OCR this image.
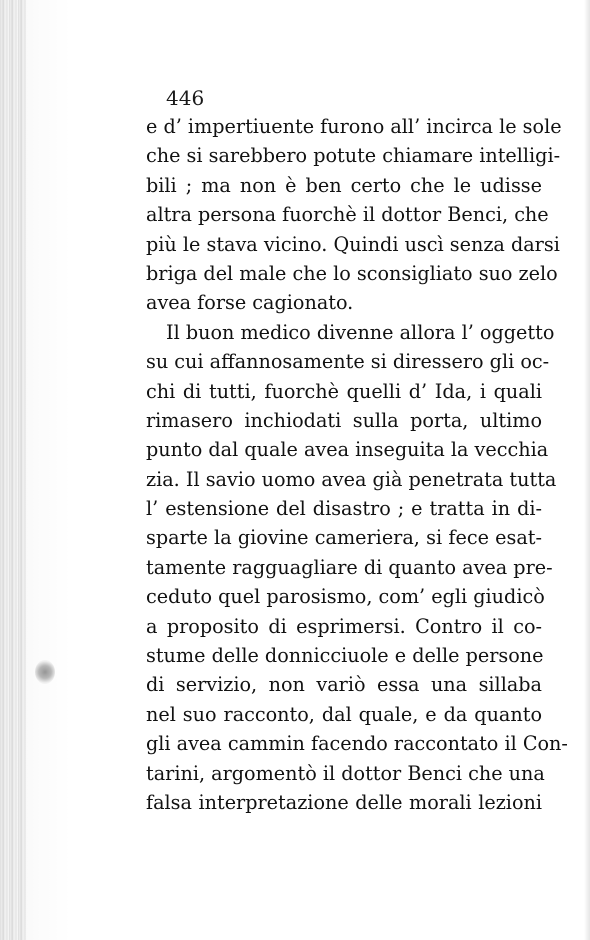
446
e d’ impertiuente furono all’ incirca le sole
che si sarebbero potute chiamare intelligi-
bili ; ma non è ben certo che le udisse
altra persona fuorchè il dottor Benci, che
più le stava vicino. Quindi uscì senza darsi
briga del male che lo sconsigliato suo zelo
avea forse cagionato.
Il buon medico divenne allora l’ oggetto
su cui affannosamente si diressero gli oc-
chi di tutti, fuorchè quelli d’ Ida, i quali
rimasero inchiodati sulla porta, ultimo
punto dal quale avea inseguita la vecchia
zia. Il savio uomo avea già penetrata tutta
l’ estensione del disastro ; e tratta in di-
sparte la giovine cameriera, si fece esat-
tamente ragguagliare di quanto avea pre-
ceduto quel parosismo, com’ egli giudicò
a proposito di esprimersi. Contro il co-
stume delle donnicciuole e delle persone
di servizio, non variò essa una sillaba
nel suo racconto, dal quale, e da quanto
gli avea cammin facendo raccontato il Con-
tarini, argomentò il dottor Benci che una
falsa interpretazione delle morali lezioni
